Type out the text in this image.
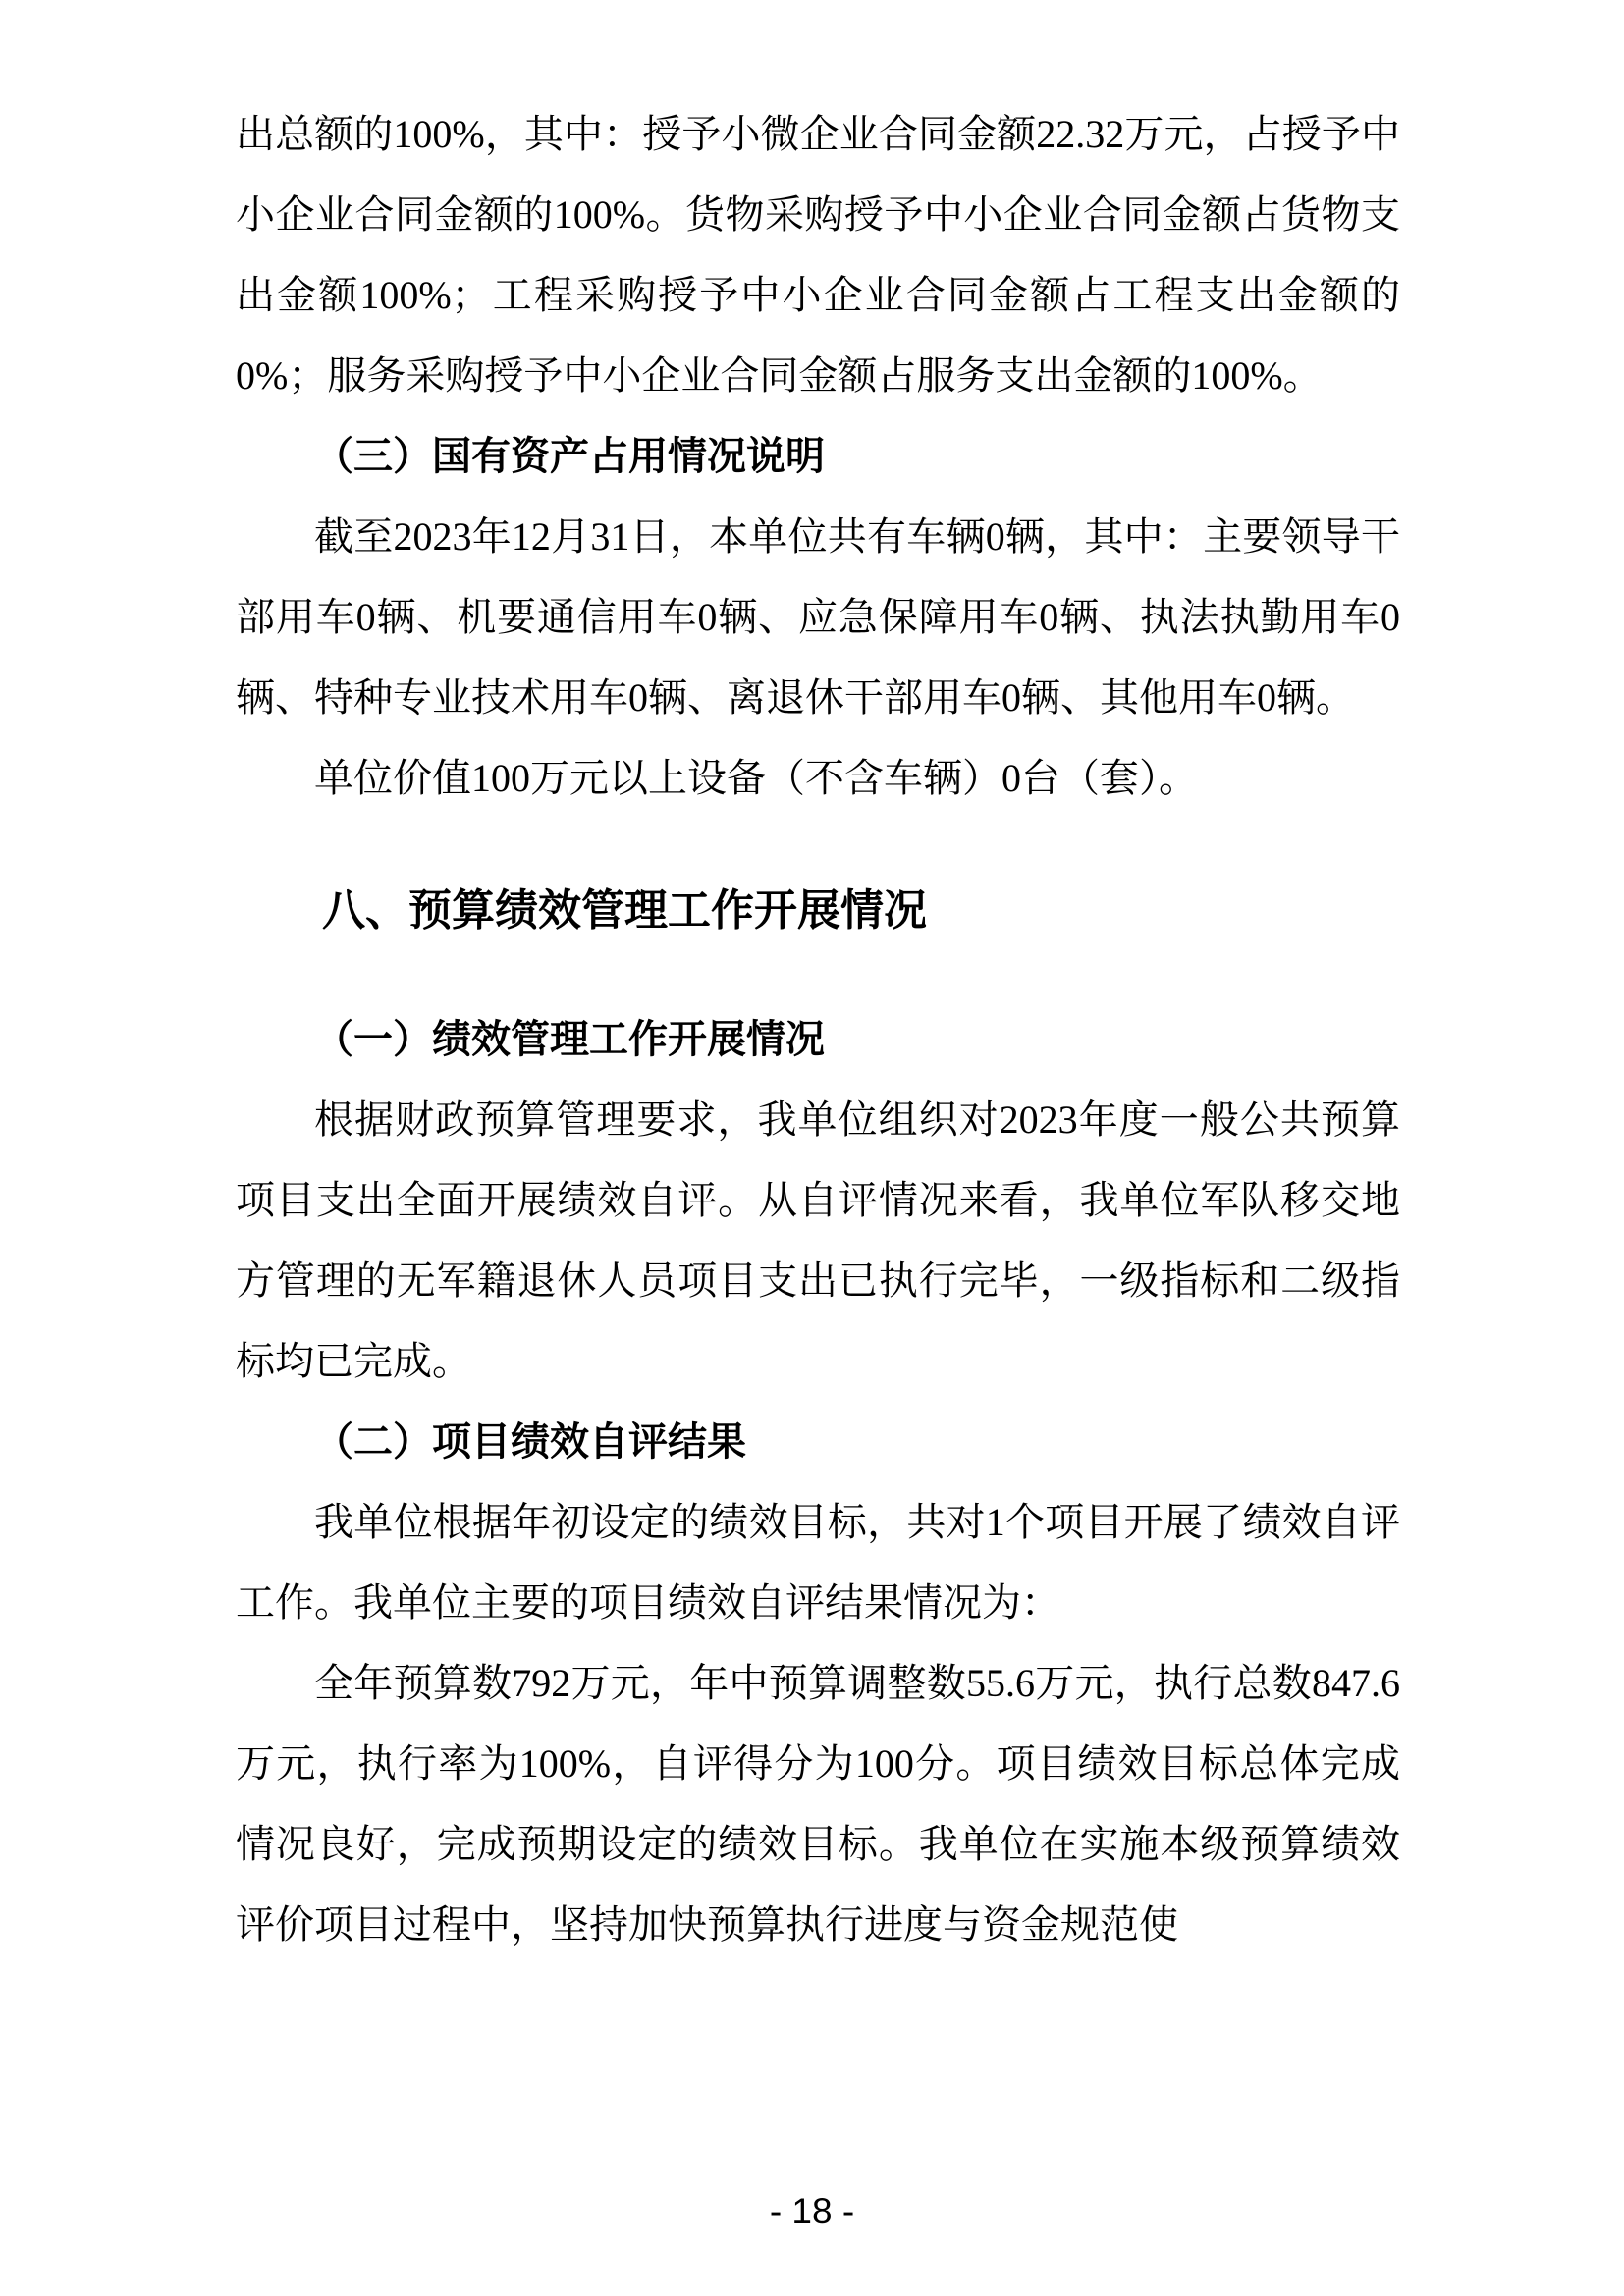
出总额的100%，其中：授予小微企业合同金额22.32万元，占授予中小企业合同金额的100%。货物采购授予中小企业合同金额占货物支出金额100%；工程采购授予中小企业合同金额占工程支出金额的0%；服务采购授予中小企业合同金额占服务支出金额的100%。

（三）国有资产占用情况说明

截至2023年12月31日，本单位共有车辆0辆，其中：主要领导干部用车0辆、机要通信用车0辆、应急保障用车0辆、执法执勤用车0辆、特种专业技术用车0辆、离退休干部用车0辆、其他用车0辆。

单位价值100万元以上设备（不含车辆）0台（套）。

八、预算绩效管理工作开展情况
（一）绩效管理工作开展情况

根据财政预算管理要求，我单位组织对2023年度一般公共预算项目支出全面开展绩效自评。从自评情况来看，我单位军队移交地方管理的无军籍退休人员项目支出已执行完毕，一级指标和二级指标均已完成。

（二）项目绩效自评结果

我单位根据年初设定的绩效目标，共对1个项目开展了绩效自评工作。我单位主要的项目绩效自评结果情况为：

全年预算数792万元，年中预算调整数55.6万元，执行总数847.6万元，执行率为100%，自评得分为100分。项目绩效目标总体完成情况良好，完成预期设定的绩效目标。我单位在实施本级预算绩效评价项目过程中，坚持加快预算执行进度与资金规范使

- 18 -
